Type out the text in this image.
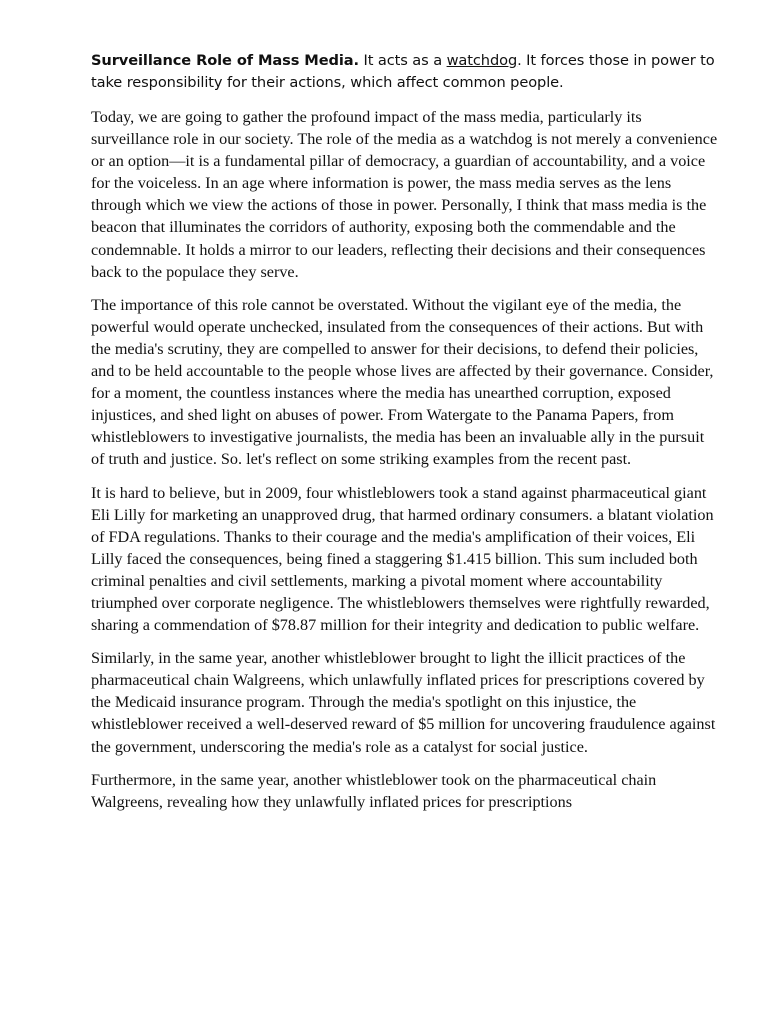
Surveillance Role of Mass Media. It acts as a watchdog. It forces those in power to take responsibility for their actions, which affect common people.

Today, we are going to gather the profound impact of the mass media, particularly its surveillance role in our society. The role of the media as a watchdog is not merely a convenience or an option—it is a fundamental pillar of democracy, a guardian of accountability, and a voice for the voiceless. In an age where information is power, the mass media serves as the lens through which we view the actions of those in power. Personally, I think that mass media is the beacon that illuminates the corridors of authority, exposing both the commendable and the condemnable. It holds a mirror to our leaders, reflecting their decisions and their consequences back to the populace they serve.

The importance of this role cannot be overstated. Without the vigilant eye of the media, the powerful would operate unchecked, insulated from the consequences of their actions. But with the media's scrutiny, they are compelled to answer for their decisions, to defend their policies, and to be held accountable to the people whose lives are affected by their governance. Consider, for a moment, the countless instances where the media has unearthed corruption, exposed injustices, and shed light on abuses of power. From Watergate to the Panama Papers, from whistleblowers to investigative journalists, the media has been an invaluable ally in the pursuit of truth and justice. So. let's reflect on some striking examples from the recent past.

It is hard to believe, but in 2009, four whistleblowers took a stand against pharmaceutical giant Eli Lilly for marketing an unapproved drug, that harmed ordinary consumers. a blatant violation of FDA regulations. Thanks to their courage and the media's amplification of their voices, Eli Lilly faced the consequences, being fined a staggering $1.415 billion. This sum included both criminal penalties and civil settlements, marking a pivotal moment where accountability triumphed over corporate negligence. The whistleblowers themselves were rightfully rewarded, sharing a commendation of $78.87 million for their integrity and dedication to public welfare.

Similarly, in the same year, another whistleblower brought to light the illicit practices of the pharmaceutical chain Walgreens, which unlawfully inflated prices for prescriptions covered by the Medicaid insurance program. Through the media's spotlight on this injustice, the whistleblower received a well-deserved reward of $5 million for uncovering fraudulence against the government, underscoring the media's role as a catalyst for social justice.

Furthermore, in the same year, another whistleblower took on the pharmaceutical chain Walgreens, revealing how they unlawfully inflated prices for prescriptions
